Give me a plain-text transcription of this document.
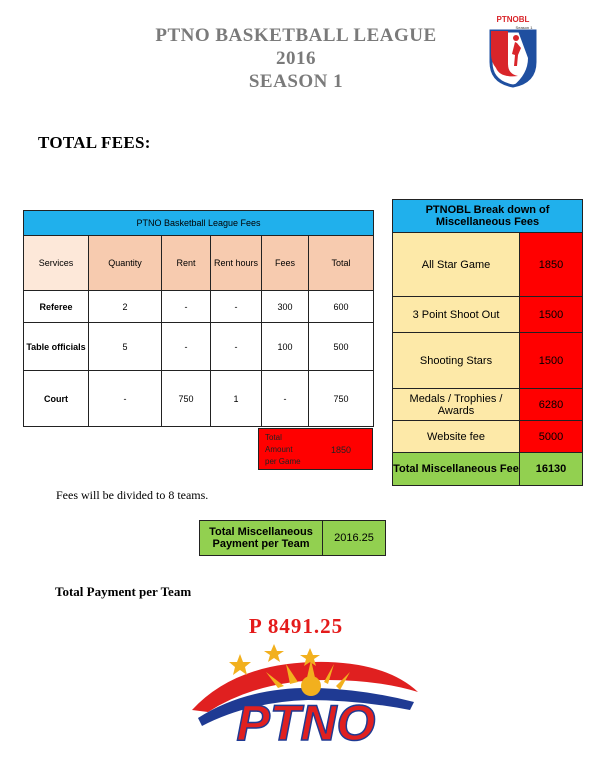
PTNO BASKETBALL LEAGUE
2016
SEASON 1
PTNOBL
Season 1
TOTAL FEES:
PTNO Basketball League Fees					
Services	Quantity	Rent	Rent hours	Fees	Total
Referee	2	-	-	300	600
Table officials	5	-	-	100	500
Court	-	750	1	-	750
Total
Amount
per Game
1850
PTNOBL Break down of Miscellaneous Fees	
All Star Game	1850
3 Point Shoot Out	1500
Shooting Stars	1500
Medals / Trophies / Awards	6280
Website fee	5000
Total Miscellaneous Fee	16130
Fees will be divided to 8 teams.
Total Miscellaneous Payment per Team	2016.25
Total Payment per Team
P 8491.25
PTNO
